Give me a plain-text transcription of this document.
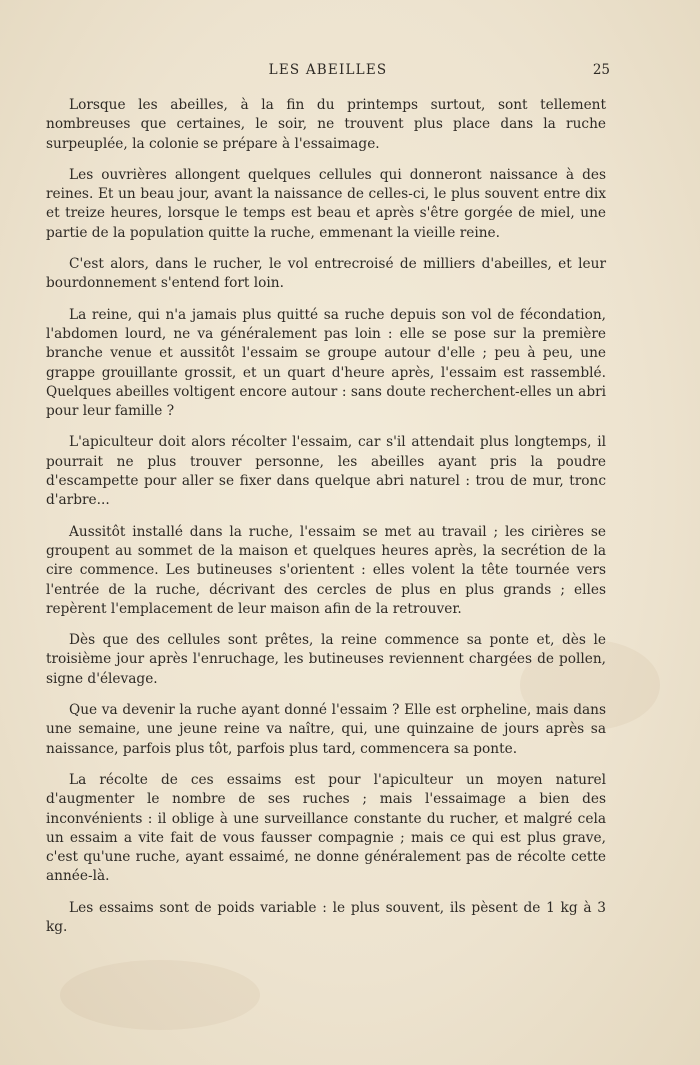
LES ABEILLES	25

Lorsque les abeilles, à la fin du printemps surtout, sont tellement nombreuses que certaines, le soir, ne trouvent plus place dans la ruche surpeuplée, la colonie se prépare à l'essaimage.

Les ouvrières allongent quelques cellules qui donneront naissance à des reines. Et un beau jour, avant la naissance de celles-ci, le plus souvent entre dix et treize heures, lorsque le temps est beau et après s'être gorgée de miel, une partie de la population quitte la ruche, emmenant la vieille reine.

C'est alors, dans le rucher, le vol entrecroisé de milliers d'abeilles, et leur bourdonnement s'entend fort loin.

La reine, qui n'a jamais plus quitté sa ruche depuis son vol de fécondation, l'abdomen lourd, ne va généralement pas loin : elle se pose sur la première branche venue et aussitôt l'essaim se groupe autour d'elle ; peu à peu, une grappe grouillante grossit, et un quart d'heure après, l'essaim est rassemblé. Quelques abeilles voltigent encore autour : sans doute recherchent-elles un abri pour leur famille ?

L'apiculteur doit alors récolter l'essaim, car s'il attendait plus longtemps, il pourrait ne plus trouver personne, les abeilles ayant pris la poudre d'escampette pour aller se fixer dans quelque abri naturel : trou de mur, tronc d'arbre...

Aussitôt installé dans la ruche, l'essaim se met au travail ; les cirières se groupent au sommet de la maison et quelques heures après, la secrétion de la cire commence. Les butineuses s'orientent : elles volent la tête tournée vers l'entrée de la ruche, décrivant des cercles de plus en plus grands ; elles repèrent l'emplacement de leur maison afin de la retrouver.

Dès que des cellules sont prêtes, la reine commence sa ponte et, dès le troisième jour après l'enruchage, les butineuses reviennent chargées de pollen, signe d'élevage.

Que va devenir la ruche ayant donné l'essaim ? Elle est orpheline, mais dans une semaine, une jeune reine va naître, qui, une quinzaine de jours après sa naissance, parfois plus tôt, parfois plus tard, commencera sa ponte.

La récolte de ces essaims est pour l'apiculteur un moyen naturel d'augmenter le nombre de ses ruches ; mais l'essaimage a bien des inconvénients : il oblige à une surveillance constante du rucher, et malgré cela un essaim a vite fait de vous fausser compagnie ; mais ce qui est plus grave, c'est qu'une ruche, ayant essaimé, ne donne généralement pas de récolte cette année-là.

Les essaims sont de poids variable : le plus souvent, ils pèsent de 1 kg à 3 kg.
